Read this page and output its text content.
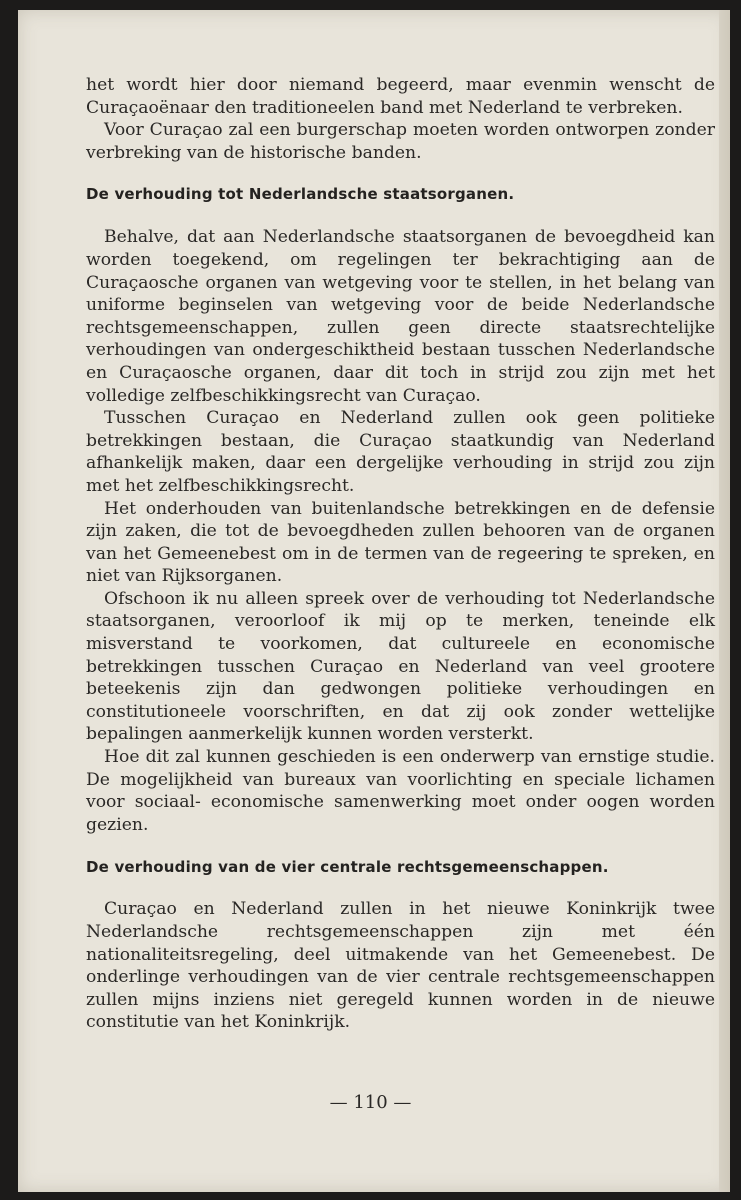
het wordt hier door niemand begeerd, maar evenmin wenscht de Curaçaoënaar den traditioneelen band met Nederland te verbreken.

Voor Curaçao zal een burgerschap moeten worden ontworpen zonder verbreking van de historische banden.

De verhouding tot Nederlandsche staatsorganen.

Behalve, dat aan Nederlandsche staatsorganen de bevoegdheid kan worden toegekend, om regelingen ter bekrachtiging aan de Curaçaosche organen van wetgeving voor te stellen, in het belang van uniforme beginselen van wetgeving voor de beide Nederlandsche rechtsgemeenschappen, zullen geen directe staatsrechtelijke verhoudingen van ondergeschiktheid bestaan tusschen Nederlandsche en Curaçaosche organen, daar dit toch in strijd zou zijn met het volledige zelfbeschikkingsrecht van Curaçao.

Tusschen Curaçao en Nederland zullen ook geen politieke betrekkingen bestaan, die Curaçao staatkundig van Nederland afhankelijk maken, daar een dergelijke verhouding in strijd zou zijn met het zelfbeschikkingsrecht.

Het onderhouden van buitenlandsche betrekkingen en de defensie zijn zaken, die tot de bevoegdheden zullen behooren van de organen van het Gemeenebest om in de termen van de regeering te spreken, en niet van Rijksorganen.

Ofschoon ik nu alleen spreek over de verhouding tot Nederlandsche staatsorganen, veroorloof ik mij op te merken, teneinde elk misverstand te voorkomen, dat cultureele en economische betrekkingen tusschen Curaçao en Nederland van veel grootere beteekenis zijn dan gedwongen politieke verhoudingen en constitutioneele voorschriften, en dat zij ook zonder wettelijke bepalingen aanmerkelijk kunnen worden versterkt.

Hoe dit zal kunnen geschieden is een onderwerp van ernstige studie. De mogelijkheid van bureaux van voorlichting en speciale lichamen voor sociaal- economische samenwerking moet onder oogen worden gezien.

De verhouding van de vier centrale rechtsgemeenschappen.

Curaçao en Nederland zullen in het nieuwe Koninkrijk twee Nederlandsche rechtsgemeenschappen zijn met één nationaliteitsregeling, deel uitmakende van het Gemeenebest. De onderlinge verhoudingen van de vier centrale rechtsgemeenschappen zullen mijns inziens niet geregeld kunnen worden in de nieuwe constitutie van het Koninkrijk.

— 110 —
